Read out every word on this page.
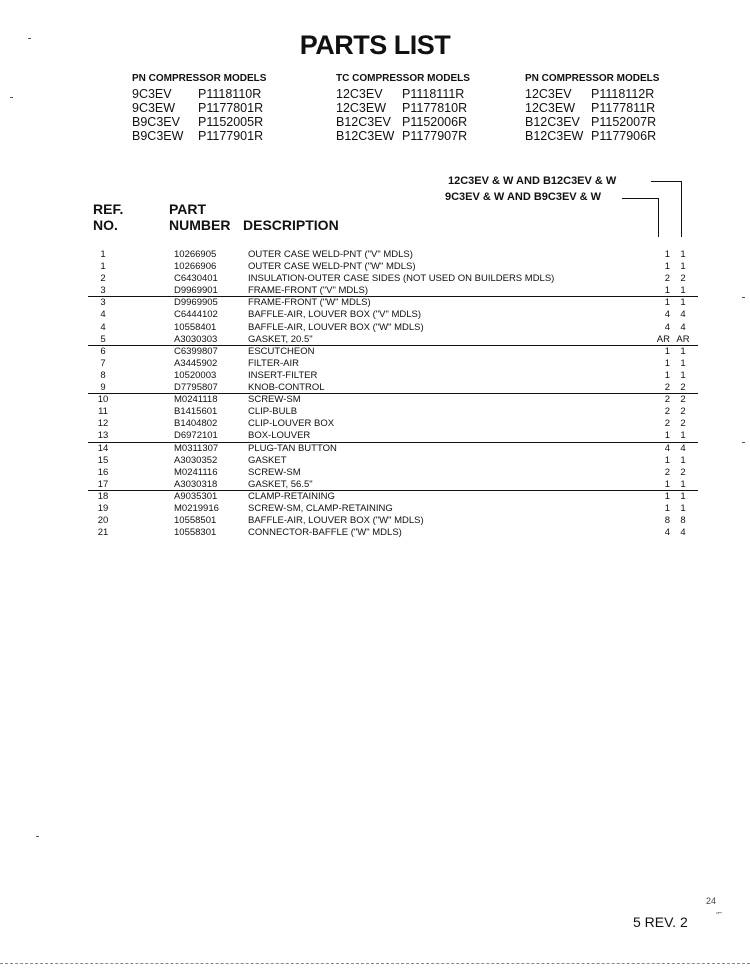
PARTS LIST
PN COMPRESSOR MODELS
9C3EV P1118110R
9C3EW P1177801R
B9C3EV P1152005R
B9C3EW P1177901R
TC COMPRESSOR MODELS
12C3EV P1118111R
12C3EW P1177810R
B12C3EV P1152006R
B12C3EW P1177907R
PN COMPRESSOR MODELS
12C3EV P1118112R
12C3EW P1177811R
B12C3EV P1152007R
B12C3EW P1177906R
12C3EV & W AND B12C3EV & W
9C3EV & W AND B9C3EV & W
REF.
NO.
PART
NUMBER DESCRIPTION
1	10266905	OUTER CASE WELD-PNT ("V" MDLS)	1	1
1	10266906	OUTER CASE WELD-PNT ("W" MDLS)	1	1
2	C6430401	INSULATION-OUTER CASE SIDES (NOT USED ON BUILDERS MDLS)	2	2
3	D9969901	FRAME-FRONT ("V" MDLS)	1	1
3	D9969905	FRAME-FRONT ("W" MDLS)	1	1
4	C6444102	BAFFLE-AIR, LOUVER BOX ("V" MDLS)	4	4
4	10558401	BAFFLE-AIR, LOUVER BOX ("W" MDLS)	4	4
5	A3030303	GASKET, 20.5"	AR AR
6	C6399807	ESCUTCHEON	1	1
7	A3445902	FILTER-AIR	1	1
8	10520003	INSERT-FILTER	1	1
9	D7795807	KNOB-CONTROL	2	2
10	M0241118	SCREW-SM	2	2
11	B1415601	CLIP-BULB	2	2
12	B1404802	CLIP-LOUVER BOX	2	2
13	D6972101	BOX-LOUVER	1	1
14	M0311307	PLUG-TAN BUTTON	4	4
15	A3030352	GASKET	1	1
16	M0241116	SCREW-SM	2	2
17	A3030318	GASKET, 56.5"	1	1
18	A9035301	CLAMP-RETAINING	1	1
19	M0219916	SCREW-SM, CLAMP-RETAINING	1	1
20	10558501	BAFFLE-AIR, LOUVER BOX ("W" MDLS)	8	8
21	10558301	CONNECTOR-BAFFLE ("W" MDLS)	4	4
5 REV. 2
24
ʼ͡ʼ
